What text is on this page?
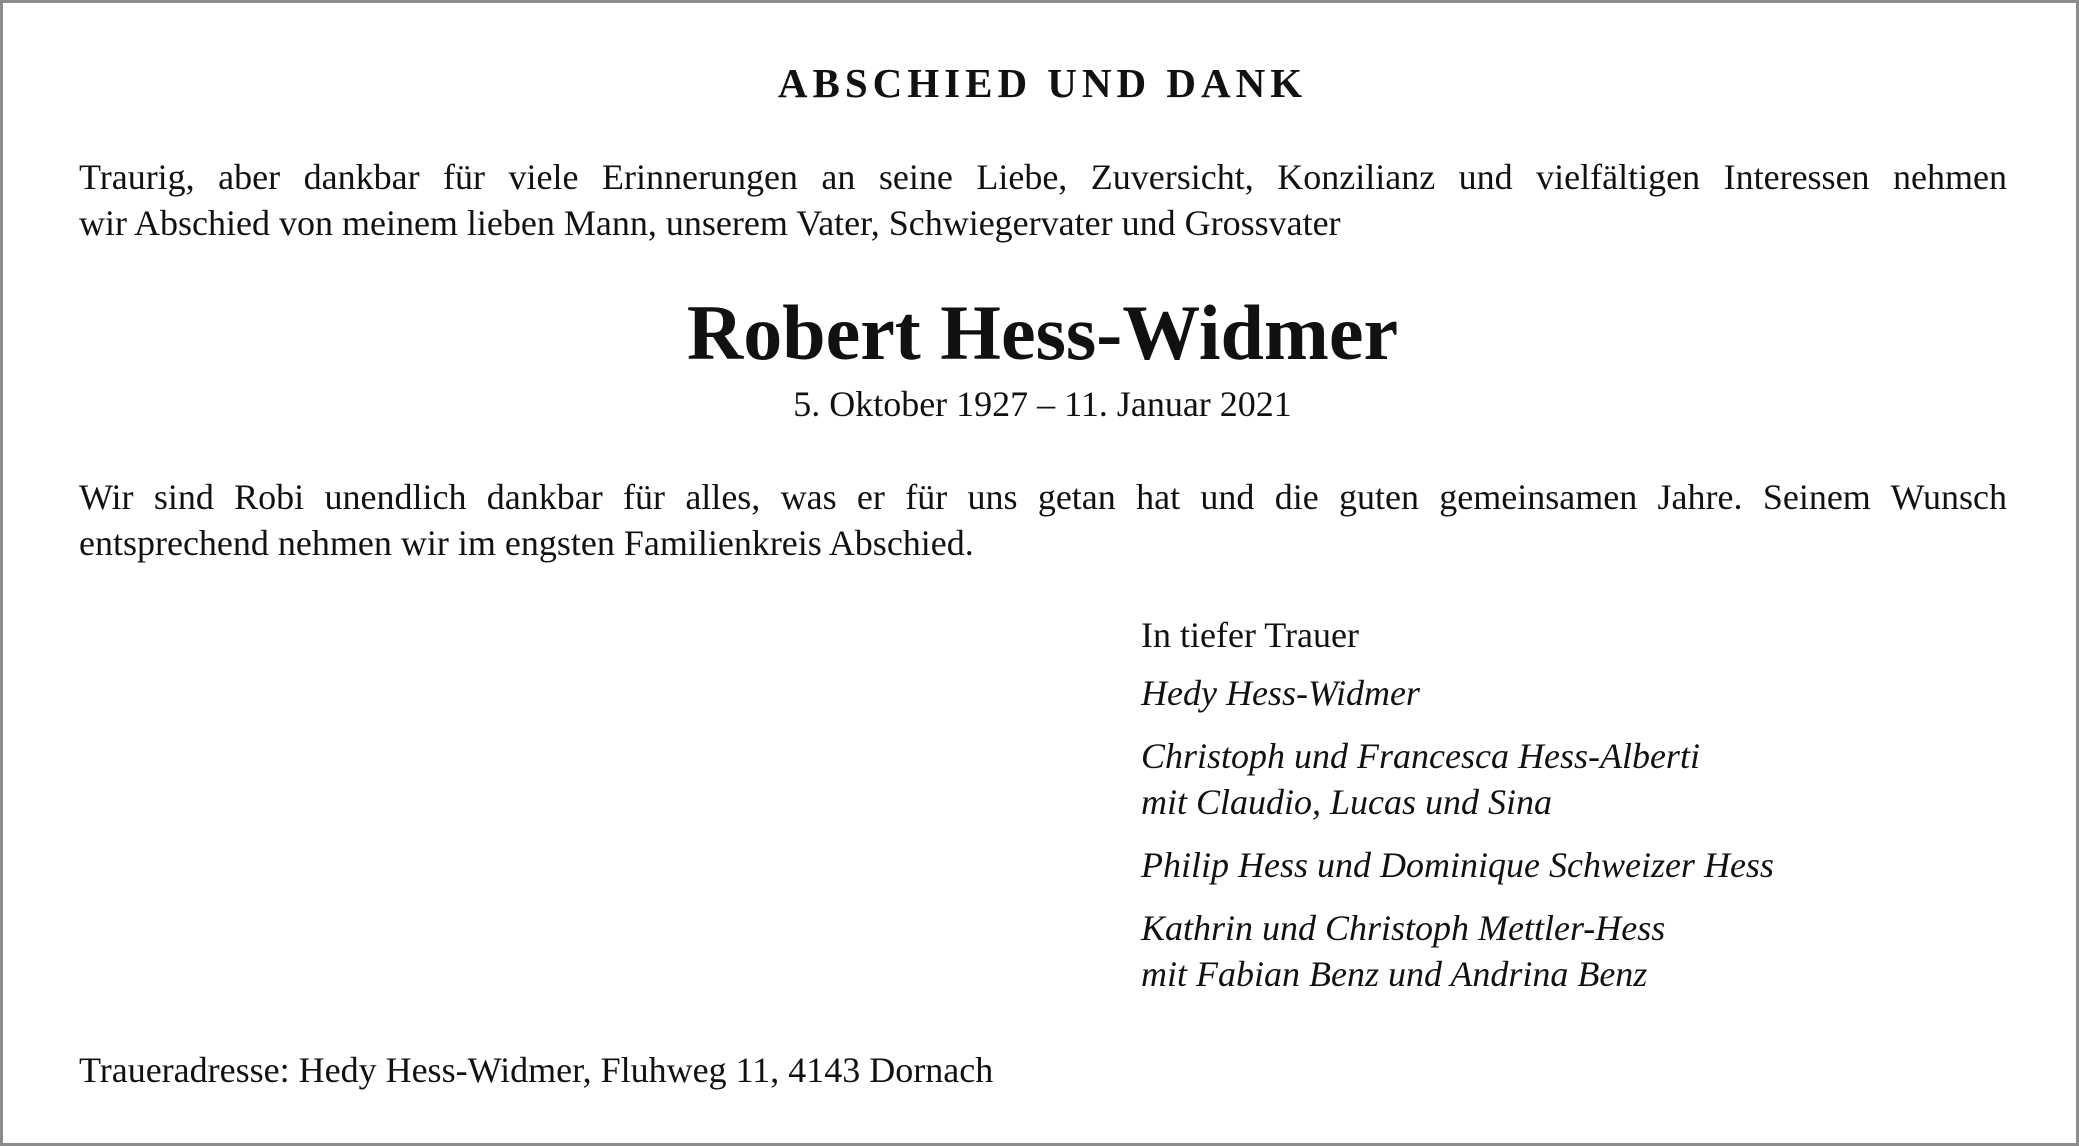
ABSCHIED UND DANK

Traurig, aber dankbar für viele Erinnerungen an seine Liebe, Zuversicht, Konzilianz und vielfältigen Interessen nehmen
wir Abschied von meinem lieben Mann, unserem Vater, Schwiegervater und Grossvater

Robert Hess-Widmer

5. Oktober 1927 – 11. Januar 2021

Wir sind Robi unendlich dankbar für alles, was er für uns getan hat und die guten gemeinsamen Jahre. Seinem Wunsch
entsprechend nehmen wir im engsten Familienkreis Abschied.

In tiefer Trauer
Hedy Hess-Widmer
Christoph und Francesca Hess-Alberti
mit Claudio, Lucas und Sina
Philip Hess und Dominique Schweizer Hess
Kathrin und Christoph Mettler-Hess
mit Fabian Benz und Andrina Benz

Traueradresse: Hedy Hess-Widmer, Fluhweg 11, 4143 Dornach
